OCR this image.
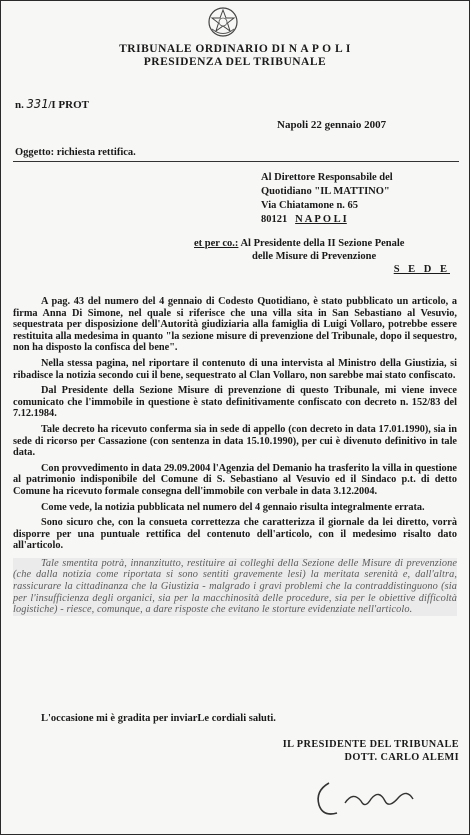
TRIBUNALE ORDINARIO DI N A P O L I
PRESIDENZA DEL TRIBUNALE
n. 331/I PROT
Napoli 22 gennaio 2007
Oggetto: richiesta rettifica.
Al Direttore Responsabile del
Quotidiano "IL MATTINO"
Via Chiatamone n. 65
80121 N A P O L I
et per co.: Al Presidente della II Sezione Penale
delle Misure di Prevenzione
S E D E

A pag. 43 del numero del 4 gennaio di Codesto Quotidiano, è stato pubblicato un articolo, a firma Anna Di Simone, nel quale si riferisce che una villa sita in San Sebastiano al Vesuvio, sequestrata per disposizione dell'Autorità giudiziaria alla famiglia di Luigi Vollaro, potrebbe essere restituita alla medesima in quanto "la sezione misure di prevenzione del Tribunale, dopo il sequestro, non ha disposto la confisca del bene".

Nella stessa pagina, nel riportare il contenuto di una intervista al Ministro della Giustizia, si ribadisce la notizia secondo cui il bene, sequestrato al Clan Vollaro, non sarebbe mai stato confiscato.

Dal Presidente della Sezione Misure di prevenzione di questo Tribunale, mi viene invece comunicato che l'immobile in questione è stato definitivamente confiscato con decreto n. 152/83 del 7.12.1984.

Tale decreto ha ricevuto conferma sia in sede di appello (con decreto in data 17.01.1990), sia in sede di ricorso per Cassazione (con sentenza in data 15.10.1990), per cui è divenuto definitivo in tale data.

Con provvedimento in data 29.09.2004 l'Agenzia del Demanio ha trasferito la villa in questione al patrimonio indisponibile del Comune di S. Sebastiano al Vesuvio ed il Sindaco p.t. di detto Comune ha ricevuto formale consegna dell'immobile con verbale in data 3.12.2004.

Come vede, la notizia pubblicata nel numero del 4 gennaio risulta integralmente errata.

Sono sicuro che, con la consueta correttezza che caratterizza il giornale da lei diretto, vorrà disporre per una puntuale rettifica del contenuto dell'articolo, con il medesimo risalto dato all'articolo.

Tale smentita potrà, innanzitutto, restituire ai colleghi della Sezione delle Misure di prevenzione (che dalla notizia come riportata si sono sentiti gravemente lesi) la meritata serenità e, dall'altra, rassicurare la cittadinanza che la Giustizia - malgrado i gravi problemi che la contraddistinguono (sia per l'insufficienza degli organici, sia per la macchinosità delle procedure, sia per le obiettive difficoltà logistiche) - riesce, comunque, a dare risposte che evitano le storture evidenziate nell'articolo.

L'occasione mi è gradita per inviarLe cordiali saluti.
IL PRESIDENTE DEL TRIBUNALE
DOTT. CARLO ALEMI
